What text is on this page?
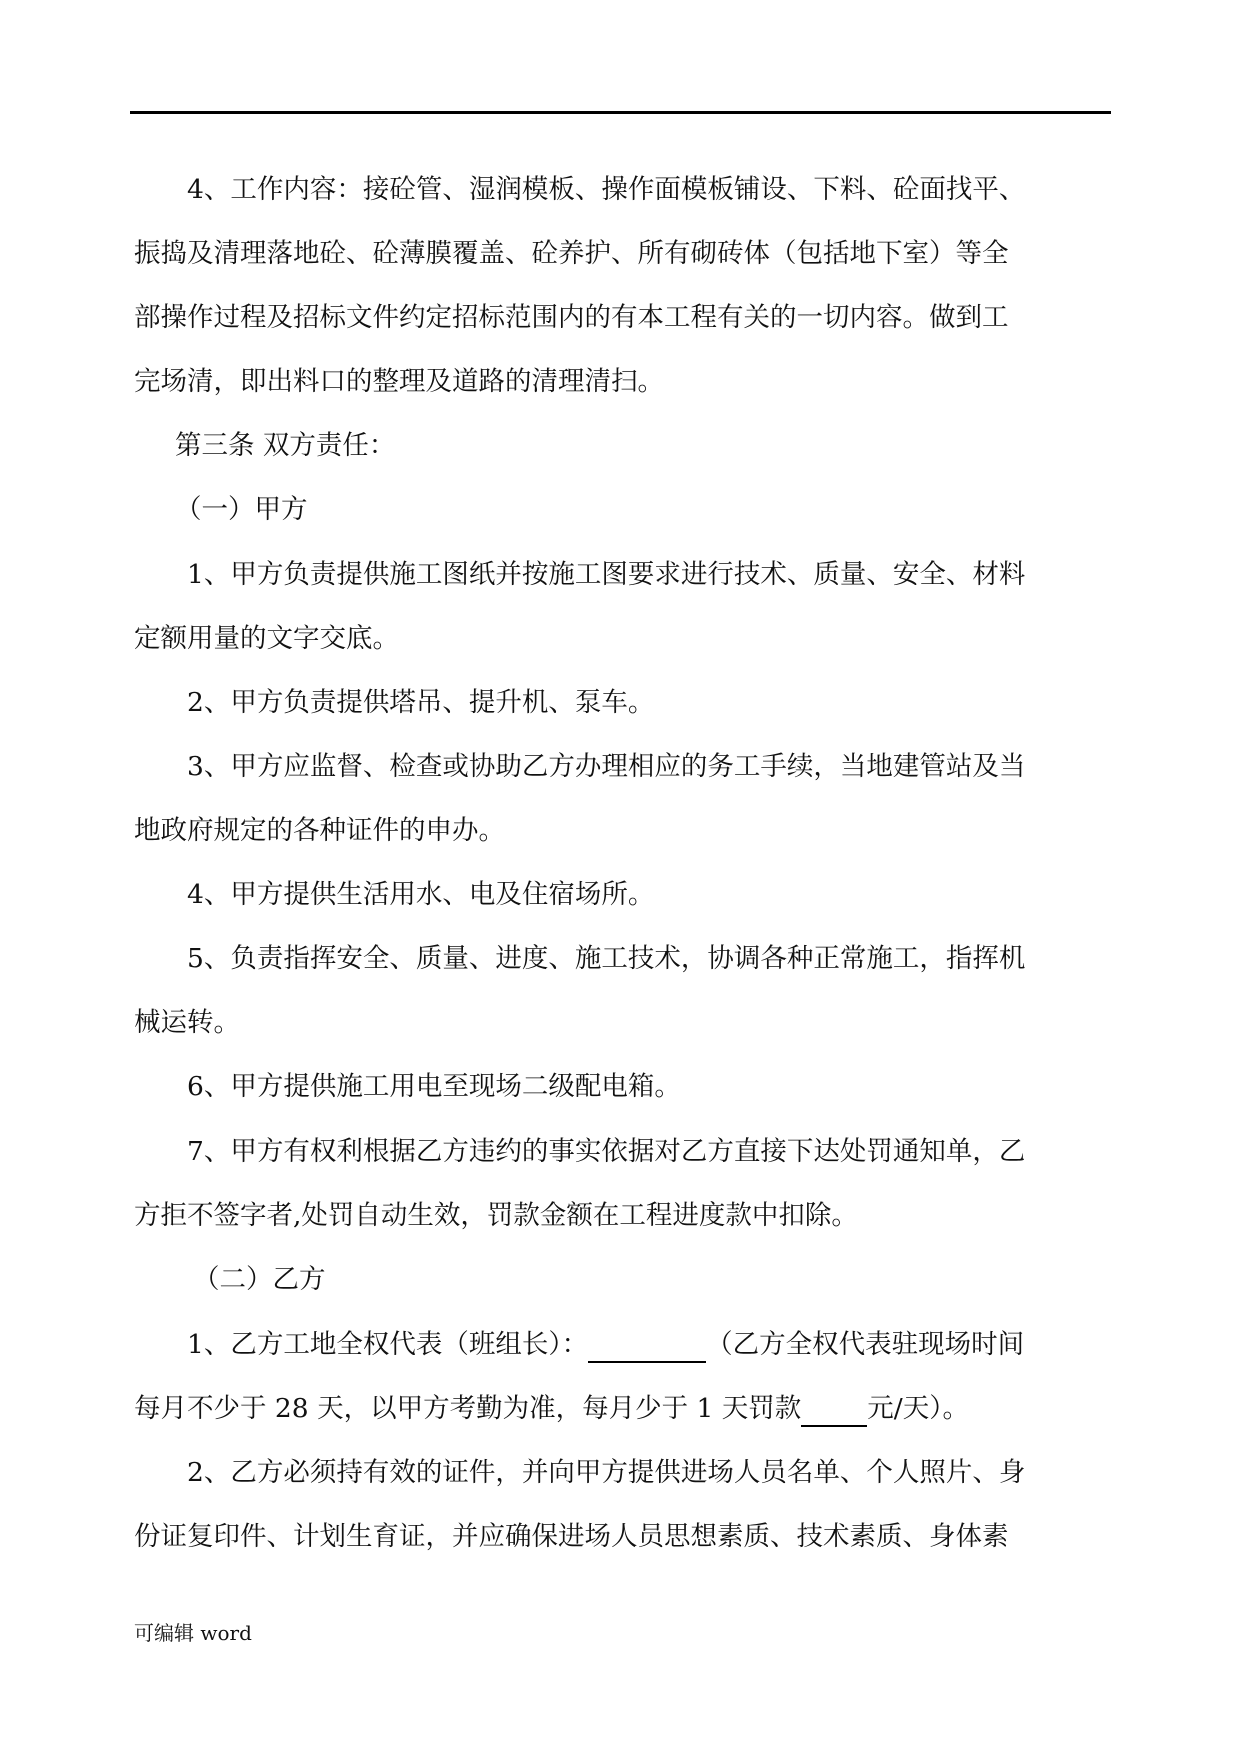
4、工作内容：接砼管、湿润模板、操作面模板铺设、下料、砼面找平、

振捣及清理落地砼、砼薄膜覆盖、砼养护、所有砌砖体（包括地下室）等全

部操作过程及招标文件约定招标范围内的有本工程有关的一切内容。做到工

完场清，即出料口的整理及道路的清理清扫。

第三条 双方责任：

（一）甲方

1、甲方负责提供施工图纸并按施工图要求进行技术、质量、安全、材料

定额用量的文字交底。

2、甲方负责提供塔吊、提升机、泵车。

3、甲方应监督、检查或协助乙方办理相应的务工手续，当地建管站及当

地政府规定的各种证件的申办。

4、甲方提供生活用水、电及住宿场所。

5、负责指挥安全、质量、进度、施工技术，协调各种正常施工，指挥机

械运转。

6、甲方提供施工用电至现场二级配电箱。

7、甲方有权利根据乙方违约的事实依据对乙方直接下达处罚通知单，乙

方拒不签字者,处罚自动生效，罚款金额在工程进度款中扣除。

（二）乙方

1、乙方工地全权代表（班组长）：	（乙方全权代表驻现场时间

每月不少于 28 天，以甲方考勤为准，每月少于 1 天罚款 元/天）。

2、乙方必须持有效的证件，并向甲方提供进场人员名单、个人照片、身

份证复印件、计划生育证，并应确保进场人员思想素质、技术素质、身体素

可编辑 word
